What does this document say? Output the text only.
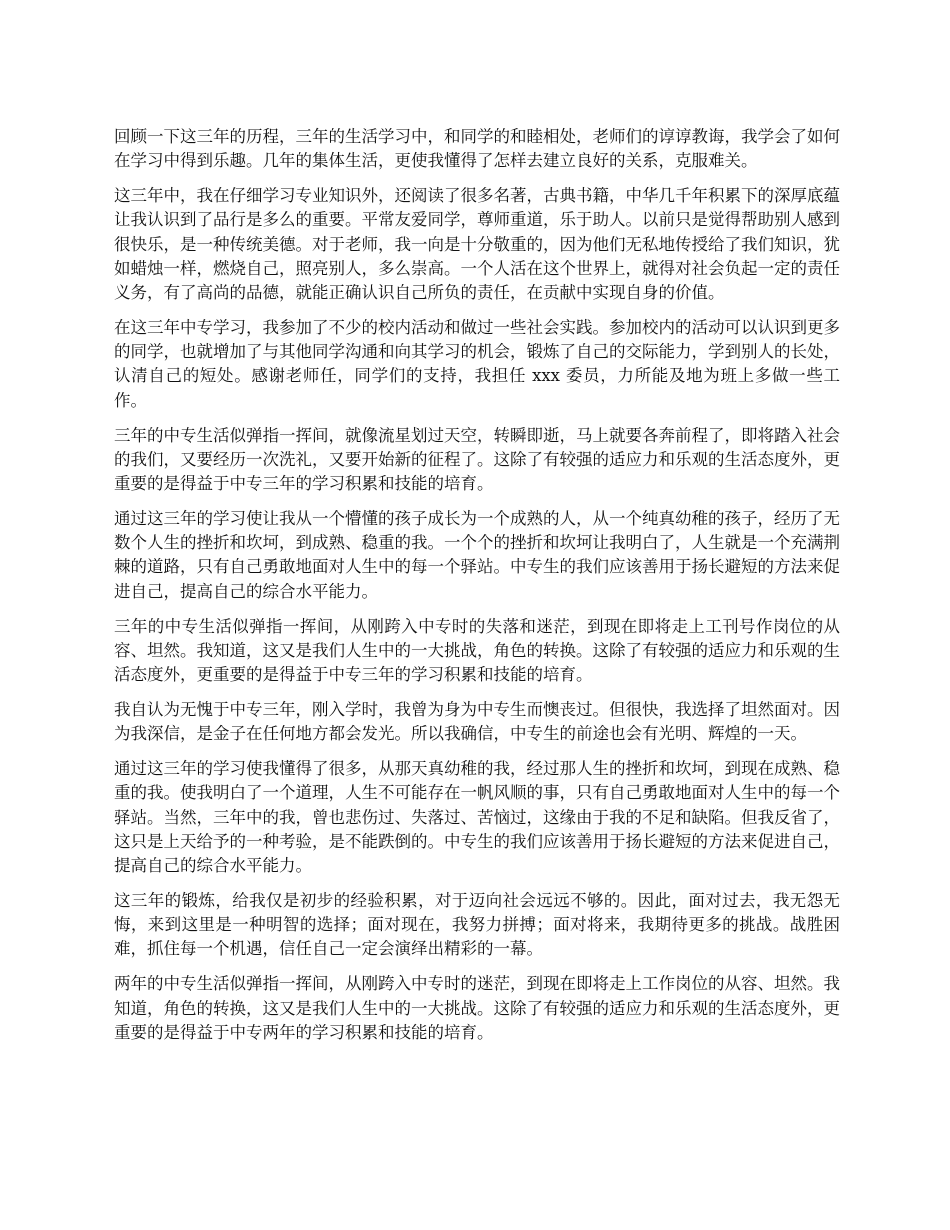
回顾一下这三年的历程，三年的生活学习中，和同学的和睦相处，老师们的谆谆教诲，我学会了如何在学习中得到乐趣。几年的集体生活，更使我懂得了怎样去建立良好的关系，克服难关。

这三年中，我在仔细学习专业知识外，还阅读了很多名著，古典书籍，中华几千年积累下的深厚底蕴让我认识到了品行是多么的重要。平常友爱同学，尊师重道，乐于助人。以前只是觉得帮助别人感到很快乐，是一种传统美德。对于老师，我一向是十分敬重的，因为他们无私地传授给了我们知识，犹如蜡烛一样，燃烧自己，照亮别人，多么崇高。一个人活在这个世界上，就得对社会负起一定的责任义务，有了高尚的品德，就能正确认识自己所负的责任，在贡献中实现自身的价值。

在这三年中专学习，我参加了不少的校内活动和做过一些社会实践。参加校内的活动可以认识到更多的同学，也就增加了与其他同学沟通和向其学习的机会，锻炼了自己的交际能力，学到别人的长处，认清自己的短处。感谢老师任，同学们的支持，我担任 xxx 委员，力所能及地为班上多做一些工作。

三年的中专生活似弹指一挥间，就像流星划过天空，转瞬即逝，马上就要各奔前程了，即将踏入社会的我们，又要经历一次洗礼，又要开始新的征程了。这除了有较强的适应力和乐观的生活态度外，更重要的是得益于中专三年的学习积累和技能的培育。

通过这三年的学习使让我从一个懵懂的孩子成长为一个成熟的人，从一个纯真幼稚的孩子，经历了无数个人生的挫折和坎坷，到成熟、稳重的我。一个个的挫折和坎坷让我明白了，人生就是一个充满荆棘的道路，只有自己勇敢地面对人生中的每一个驿站。中专生的我们应该善用于扬长避短的方法来促进自己，提高自己的综合水平能力。

三年的中专生活似弹指一挥间，从刚跨入中专时的失落和迷茫，到现在即将走上工刊号作岗位的从容、坦然。我知道，这又是我们人生中的一大挑战，角色的转换。这除了有较强的适应力和乐观的生活态度外，更重要的是得益于中专三年的学习积累和技能的培育。

我自认为无愧于中专三年，刚入学时，我曾为身为中专生而懊丧过。但很快，我选择了坦然面对。因为我深信，是金子在任何地方都会发光。所以我确信，中专生的前途也会有光明、辉煌的一天。

通过这三年的学习使我懂得了很多，从那天真幼稚的我，经过那人生的挫折和坎坷，到现在成熟、稳重的我。使我明白了一个道理，人生不可能存在一帆风顺的事，只有自己勇敢地面对人生中的每一个驿站。当然，三年中的我，曾也悲伤过、失落过、苦恼过，这缘由于我的不足和缺陷。但我反省了，这只是上天给予的一种考验，是不能跌倒的。中专生的我们应该善用于扬长避短的方法来促进自己，提高自己的综合水平能力。

这三年的锻炼，给我仅是初步的经验积累，对于迈向社会远远不够的。因此，面对过去，我无怨无悔，来到这里是一种明智的选择；面对现在，我努力拼搏；面对将来，我期待更多的挑战。战胜困难，抓住每一个机遇，信任自己一定会演绎出精彩的一幕。

两年的中专生活似弹指一挥间，从刚跨入中专时的迷茫，到现在即将走上工作岗位的从容、坦然。我知道，角色的转换，这又是我们人生中的一大挑战。这除了有较强的适应力和乐观的生活态度外，更重要的是得益于中专两年的学习积累和技能的培育。
